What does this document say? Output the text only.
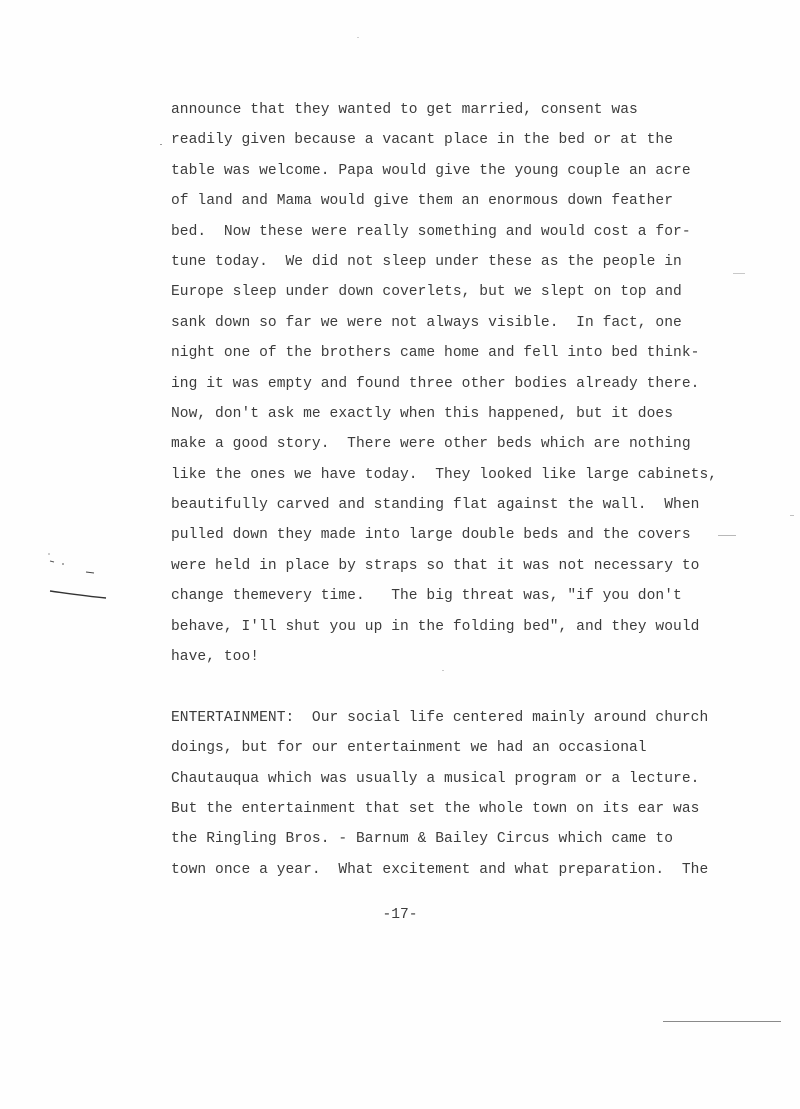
announce that they wanted to get married, consent was
readily given because a vacant place in the bed or at the
table was welcome. Papa would give the young couple an acre
of land and Mama would give them an enormous down feather
bed.  Now these were really something and would cost a for-
tune today.  We did not sleep under these as the people in
Europe sleep under down coverlets, but we slept on top and
sank down so far we were not always visible.  In fact, one
night one of the brothers came home and fell into bed think-
ing it was empty and found three other bodies already there.
Now, don't ask me exactly when this happened, but it does
make a good story.  There were other beds which are nothing
like the ones we have today.  They looked like large cabinets,
beautifully carved and standing flat against the wall.  When
pulled down they made into large double beds and the covers
were held in place by straps so that it was not necessary to
change themevery time.   The big threat was, "if you don't
behave, I'll shut you up in the folding bed", and they would
have, too!
ENTERTAINMENT:  Our social life centered mainly around church
doings, but for our entertainment we had an occasional
Chautauqua which was usually a musical program or a lecture.
But the entertainment that set the whole town on its ear was
the Ringling Bros. - Barnum & Bailey Circus which came to
town once a year.  What excitement and what preparation.  The
-17-
